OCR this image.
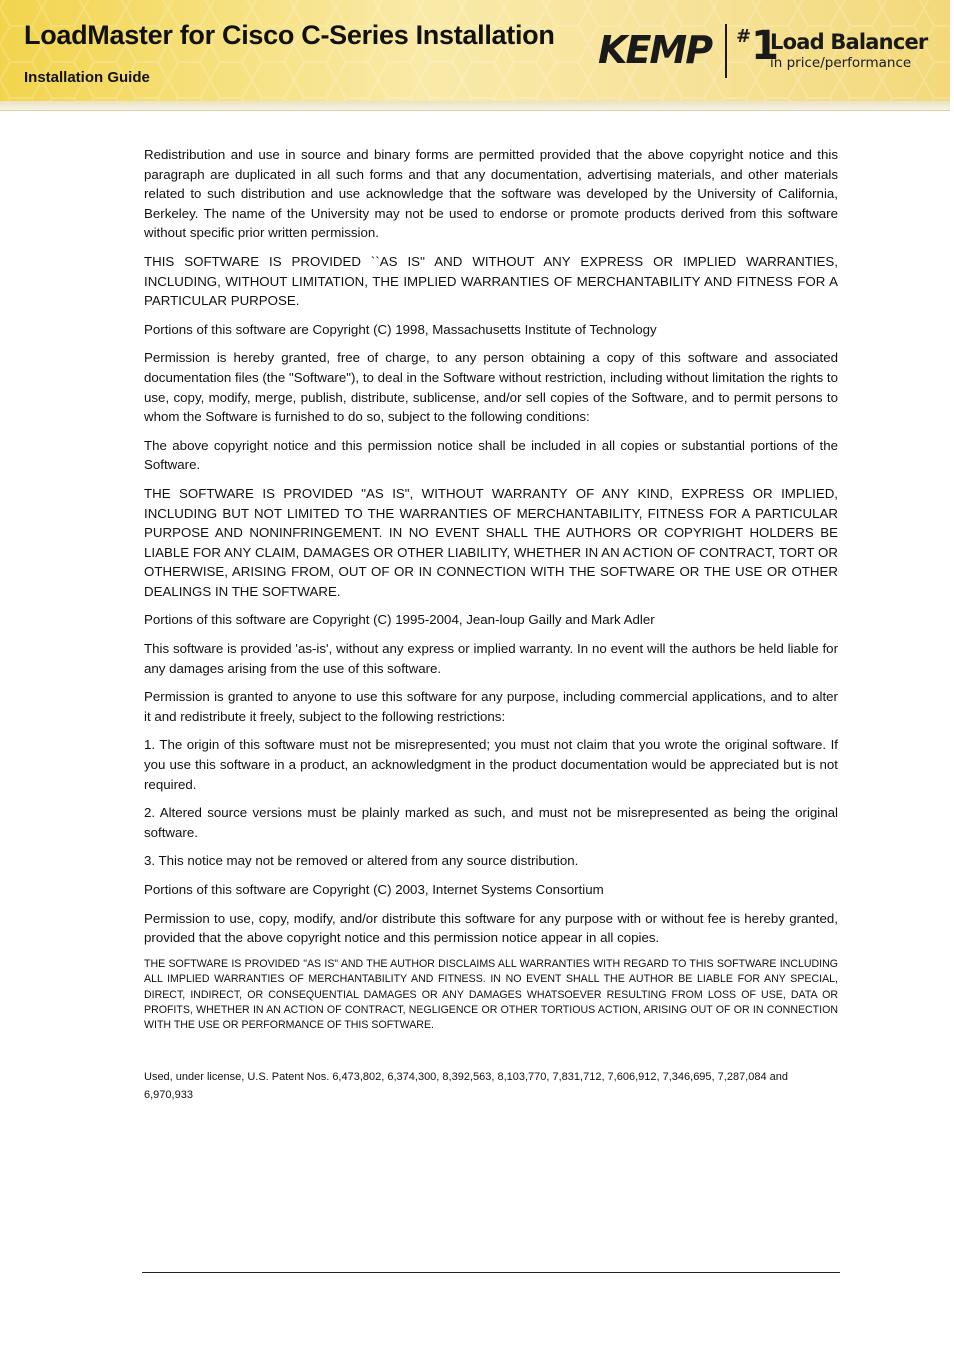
LoadMaster for Cisco C-Series Installation
Installation Guide
KEMP #1
Load Balancer
in price/performance

Redistribution and use in source and binary forms are permitted provided that the above copyright notice and this paragraph are duplicated in all such forms and that any documentation, advertising materials, and other materials related to such distribution and use acknowledge that the software was developed by the University of California, Berkeley. The name of the University may not be used to endorse or promote products derived from this software without specific prior written permission.

THIS SOFTWARE IS PROVIDED ``AS IS'' AND WITHOUT ANY EXPRESS OR IMPLIED WARRANTIES, INCLUDING, WITHOUT LIMITATION, THE IMPLIED WARRANTIES OF MERCHANTABILITY AND FITNESS FOR A PARTICULAR PURPOSE.

Portions of this software are Copyright (C) 1998, Massachusetts Institute of Technology

Permission is hereby granted, free of charge, to any person obtaining a copy of this software and associated documentation files (the "Software"), to deal in the Software without restriction, including without limitation the rights to use, copy, modify, merge, publish, distribute, sublicense, and/or sell copies of the Software, and to permit persons to whom the Software is furnished to do so, subject to the following conditions:

The above copyright notice and this permission notice shall be included in all copies or substantial portions of the Software.

THE SOFTWARE IS PROVIDED "AS IS", WITHOUT WARRANTY OF ANY KIND, EXPRESS OR IMPLIED, INCLUDING BUT NOT LIMITED TO THE WARRANTIES OF MERCHANTABILITY, FITNESS FOR A PARTICULAR PURPOSE AND NONINFRINGEMENT. IN NO EVENT SHALL THE AUTHORS OR COPYRIGHT HOLDERS BE LIABLE FOR ANY CLAIM, DAMAGES OR OTHER LIABILITY, WHETHER IN AN ACTION OF CONTRACT, TORT OR OTHERWISE, ARISING FROM, OUT OF OR IN CONNECTION WITH THE SOFTWARE OR THE USE OR OTHER DEALINGS IN THE SOFTWARE.

Portions of this software are Copyright (C) 1995-2004, Jean-loup Gailly and Mark Adler

This software is provided 'as-is', without any express or implied warranty. In no event will the authors be held liable for any damages arising from the use of this software.

Permission is granted to anyone to use this software for any purpose, including commercial applications, and to alter it and redistribute it freely, subject to the following restrictions:

1. The origin of this software must not be misrepresented; you must not claim that you wrote the original software. If you use this software in a product, an acknowledgment in the product documentation would be appreciated but is not required.

2. Altered source versions must be plainly marked as such, and must not be misrepresented as being the original software.

3. This notice may not be removed or altered from any source distribution.

Portions of this software are Copyright (C) 2003, Internet Systems Consortium

Permission to use, copy, modify, and/or distribute this software for any purpose with or without fee is hereby granted, provided that the above copyright notice and this permission notice appear in all copies.

THE SOFTWARE IS PROVIDED "AS IS" AND THE AUTHOR DISCLAIMS ALL WARRANTIES WITH REGARD TO THIS SOFTWARE INCLUDING ALL IMPLIED WARRANTIES OF MERCHANTABILITY AND FITNESS. IN NO EVENT SHALL THE AUTHOR BE LIABLE FOR ANY SPECIAL, DIRECT, INDIRECT, OR CONSEQUENTIAL DAMAGES OR ANY DAMAGES WHATSOEVER RESULTING FROM LOSS OF USE, DATA OR PROFITS, WHETHER IN AN ACTION OF CONTRACT, NEGLIGENCE OR OTHER TORTIOUS ACTION, ARISING OUT OF OR IN CONNECTION WITH THE USE OR PERFORMANCE OF THIS SOFTWARE.

Used, under license, U.S. Patent Nos. 6,473,802, 6,374,300, 8,392,563, 8,103,770, 7,831,712, 7,606,912, 7,346,695, 7,287,084 and 6,970,933
